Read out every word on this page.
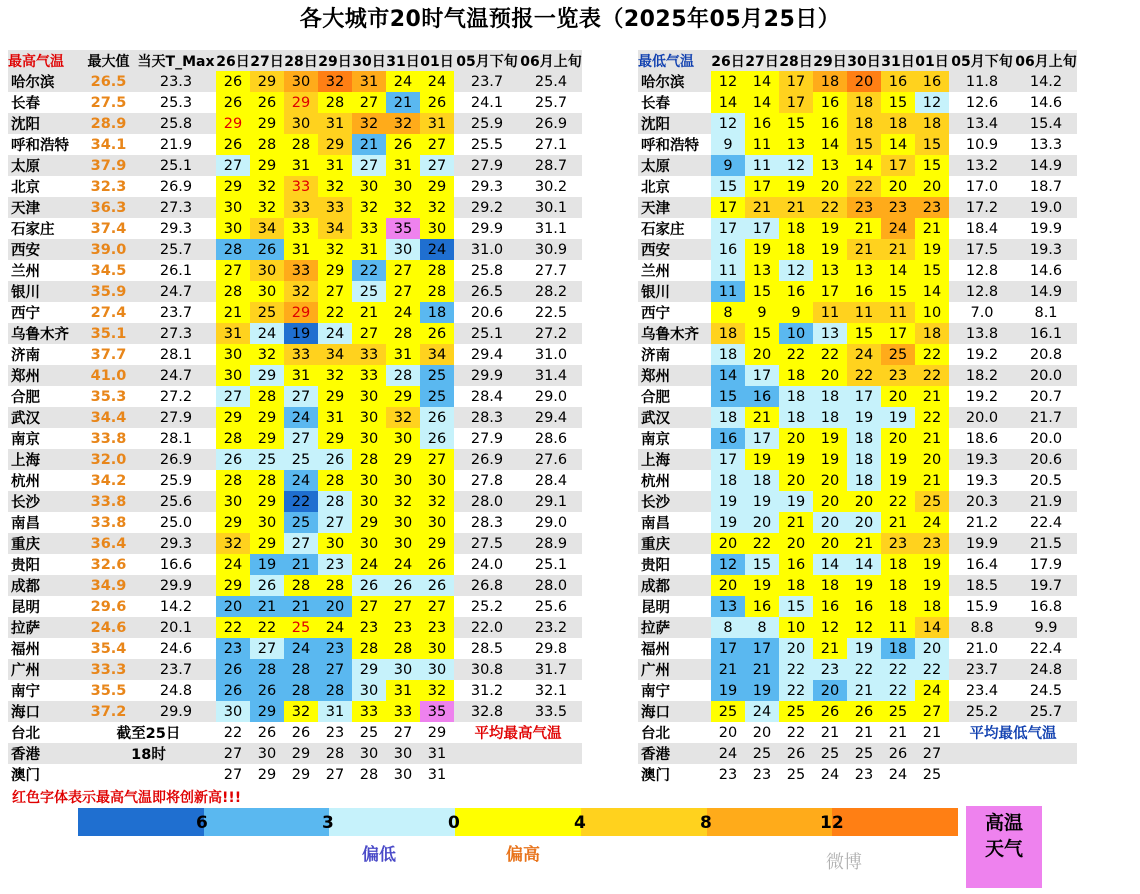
各大城市20时气温预报一览表（2025年05月25日）
最高气温	最大值	当天T_Max	26日	27日	28日	29日	30日	31日	01日	05月下旬	06月上旬
哈尔滨	26.5	23.3	26	29	30	32	31	24	24	23.7	25.4
长春	27.5	25.3	26	26	29	28	27	21	26	24.1	25.7
沈阳	28.9	25.8	29	29	30	31	32	32	31	25.9	26.9
呼和浩特	34.1	21.9	26	28	28	29	21	26	27	25.5	27.1
太原	37.9	25.1	27	29	31	31	27	31	27	27.9	28.7
北京	32.3	26.9	29	32	33	32	30	30	29	29.3	30.2
天津	36.3	27.3	30	32	33	33	32	32	32	29.2	30.1
石家庄	37.4	29.3	30	34	33	34	33	35	30	29.9	31.1
西安	39.0	25.7	28	26	31	32	31	30	24	31.0	30.9
兰州	34.5	26.1	27	30	33	29	22	27	28	25.8	27.7
银川	35.9	24.7	28	30	32	27	25	27	28	26.5	28.2
西宁	27.4	23.7	21	25	29	22	21	24	18	20.6	22.5
乌鲁木齐	35.1	27.3	31	24	19	24	27	28	26	25.1	27.2
济南	37.7	28.1	30	32	33	34	33	31	34	29.4	31.0
郑州	41.0	24.7	30	29	31	32	33	28	25	29.9	31.4
合肥	35.3	27.2	27	28	27	29	30	29	25	28.4	29.0
武汉	34.4	27.9	29	29	24	31	30	32	26	28.3	29.4
南京	33.8	28.1	28	29	27	29	30	30	26	27.9	28.6
上海	32.0	26.9	26	25	25	26	28	29	27	26.9	27.6
杭州	34.2	25.9	28	28	24	28	30	30	30	27.8	28.4
长沙	33.8	25.6	30	29	22	28	30	32	32	28.0	29.1
南昌	33.8	25.0	29	30	25	27	29	30	30	28.3	29.0
重庆	36.4	29.3	32	29	27	30	30	30	29	27.5	28.9
贵阳	32.6	16.6	24	19	21	23	24	24	26	24.0	25.1
成都	34.9	29.9	29	26	28	28	26	26	26	26.8	28.0
昆明	29.6	14.2	20	21	21	20	27	27	27	25.2	25.6
拉萨	24.6	20.1	22	22	25	24	23	23	23	22.0	23.2
福州	35.4	24.6	23	27	24	23	28	28	30	28.5	29.8
广州	33.3	23.7	26	28	28	27	29	30	30	30.8	31.7
南宁	35.5	24.8	26	26	28	28	30	31	32	31.2	32.1
海口	37.2	29.9	30	29	32	31	33	33	35	32.8	33.5
台北	截至25日		22	26	26	23	25	27	29	平均最高气温	
香港	18时		27	30	29	28	30	30	31		
澳门			27	29	29	27	28	30	31		
最低气温	26日	27日	28日	29日	30日	31日	01日	05月下旬	06月上旬
哈尔滨	12	14	17	18	20	16	16	11.8	14.2
长春	14	14	17	16	18	15	12	12.6	14.6
沈阳	12	16	15	16	18	18	18	13.4	15.4
呼和浩特	9	11	13	14	15	14	15	10.9	13.3
太原	9	11	12	13	14	17	15	13.2	14.9
北京	15	17	19	20	22	20	20	17.0	18.7
天津	17	21	21	22	23	23	23	17.2	19.0
石家庄	17	17	18	19	21	24	21	18.4	19.9
西安	16	19	18	19	21	21	19	17.5	19.3
兰州	11	13	12	13	13	14	15	12.8	14.6
银川	11	15	16	17	16	15	14	12.8	14.9
西宁	8	9	9	11	11	11	10	7.0	8.1
乌鲁木齐	18	15	10	13	15	17	18	13.8	16.1
济南	18	20	22	22	24	25	22	19.2	20.8
郑州	14	17	18	20	22	23	22	18.2	20.0
合肥	15	16	18	18	17	20	21	19.2	20.7
武汉	18	21	18	18	19	19	22	20.0	21.7
南京	16	17	20	19	18	20	21	18.6	20.0
上海	17	19	19	19	18	19	20	19.3	20.6
杭州	18	18	20	20	18	19	21	19.3	20.5
长沙	19	19	19	20	20	22	25	20.3	21.9
南昌	19	20	21	20	20	21	24	21.2	22.4
重庆	20	22	20	20	21	23	23	19.9	21.5
贵阳	12	15	16	14	14	18	19	16.4	17.9
成都	20	19	18	18	19	18	19	18.5	19.7
昆明	13	16	15	16	16	18	18	15.9	16.8
拉萨	8	8	10	12	12	11	14	8.8	9.9
福州	17	17	20	21	19	18	20	21.0	22.4
广州	21	21	22	23	22	22	22	23.7	24.8
南宁	19	19	22	20	21	22	24	23.4	24.5
海口	25	24	25	26	26	25	27	25.2	25.7
台北	20	20	22	21	21	21	21	平均最低气温	
香港	24	25	26	25	25	26	27		
澳门	23	23	25	24	23	24	25		
红色字体表示最高气温即将创新高!!!
6	3	0	4	8	12
偏低	偏高
高温
天气
微博
